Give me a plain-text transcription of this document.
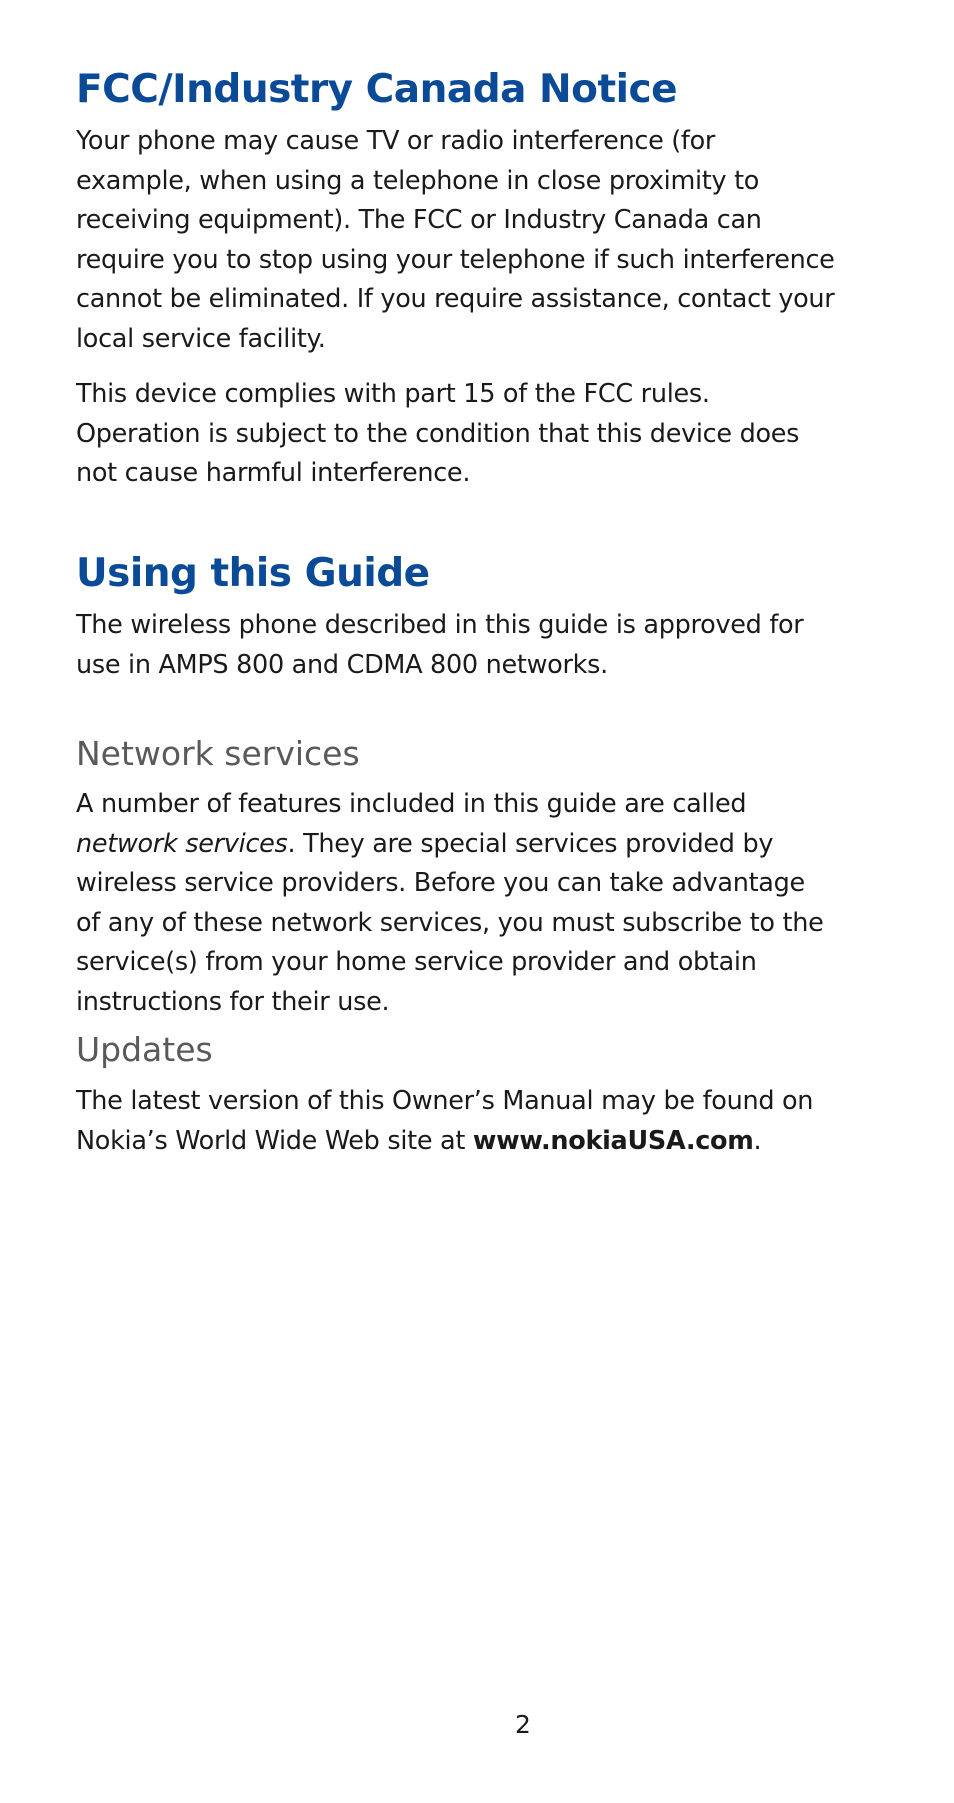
FCC/Industry Canada Notice

Your phone may cause TV or radio interference (for example, when using a telephone in close proximity to receiving equipment). The FCC or Industry Canada can require you to stop using your telephone if such interference cannot be eliminated. If you require assistance, contact your local service facility.

This device complies with part 15 of the FCC rules. Operation is subject to the condition that this device does not cause harmful interference.

Using this Guide

The wireless phone described in this guide is approved for use in AMPS 800 and CDMA 800 networks.

Network services

A number of features included in this guide are called network services. They are special services provided by wireless service providers. Before you can take advantage of any of these network services, you must subscribe to the service(s) from your home service provider and obtain instructions for their use.

Updates

The latest version of this Owner’s Manual may be found on Nokia’s World Wide Web site at www.nokiaUSA.com.

2
